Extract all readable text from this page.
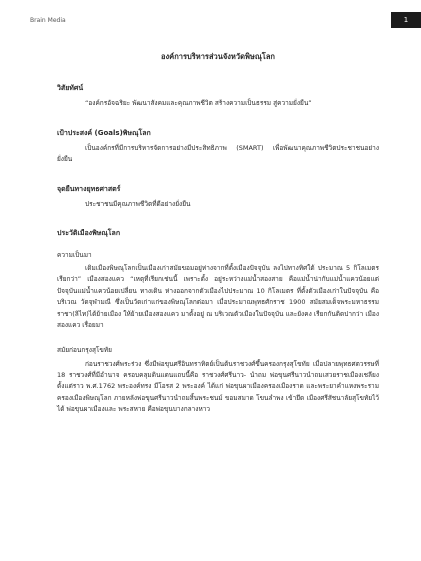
Brain Media	1
องค์การบริหารส่วนจังหวัดพิษณุโลก
วิสัยทัศน์

“องค์กรอัจฉริยะ พัฒนาสังคมและคุณภาพชีวิต สร้างความเป็นธรรม สู่ความยั่งยืน”

เป้าประสงค์ (Goals)พิษณุโลก

เป็นองค์กรที่มีการบริหารจัดการอย่างมีประสิทธิภาพ (SMART) เพื่อพัฒนาคุณภาพชีวิตประชาชนอย่างยั่งยืน

จุดยืนทางยุทธศาสตร์

ประชาชนมีคุณภาพชีวิตที่ดีอย่างยั่งยืน

ประวัติเมืองพิษณุโลก
ความเป็นมา

เดิมเมืองพิษณุโลกเป็นเมืองเก่าสมัยขอมอยู่ห่างจากที่ตั้งเมืองปัจจุบัน ลงไปทางทิศใต้ ประมาณ 5 กิโลเมตร เรียกว่า” เมืองสองแคว “เหตุที่เรียกเช่นนี้ เพราะตั้ง อยู่ระหว่างแม่น้ำสองสาย คือแม่น้ำน่ากับแม่น้ำแควน้อยแต่ปัจจุบันแม่น้ำแควน้อยเปลี่ยน ทางเดิน ห่างออกจากตัวเมืองไปประมาณ 10 กิโลเมตร ที่ตั้งตัวเมืองเก่าในปัจจุบัน คือ บริเวณ วัดจุฬามณี ซึ่งเป็นวัดเก่าแก่ของพิษณุโลกต่อมา เมื่อประมาณพุทธศักราช 1900 สมัยสมเด็จพระมหาธรรมราชา(ลิไท)ได้ย้ายเมือง ให้ย้ายเมืองสองแคว มาตั้งอยู่ ณ บริเวณตัวเมืองในปัจจุบัน และยังคง เรียกกันติดปากว่า เมืองสองแคว เรื่อยมา

สมัยก่อนกรุงสุโขทัย

ก่อนราชวงศ์พระร่วง ซึ่งมีพ่อขุนศรีอินทราทิตย์เป็นต้นราชวงศ์ขึ้นครองกรุงสุโขทัย เมื่อปลายพุทธศตวรรษที่ 18 ราชวงศ์ที่มีอำนาจ ครอบคลุมดินแดนแถบนี้คือ ราชวงศ์ศรีนาว- นำถม พ่อขุนศรีนาวนำถมเสวยราชเมืองเชลียง ตั้งแต่ราว พ.ศ.1762 พระองค์ทรง มีโอรส 2 พระองค์ ได้แก่ พ่อขุนผาเมืองครองเมืองราด และพระยาคำแหงพระรามครองเมืองพิษณุโลก ภายหลังพ่อขุนศรีนาวนำถมสิ้นพระชนม์ ขอมสมาด โขนลำพง เข้ายึด เมืองศรีสัชนาลัยสุโขทัยไว้ได้ พ่อขุนผาเมืองและ พระสหาย คือพ่อขุนบางกลางหาว
